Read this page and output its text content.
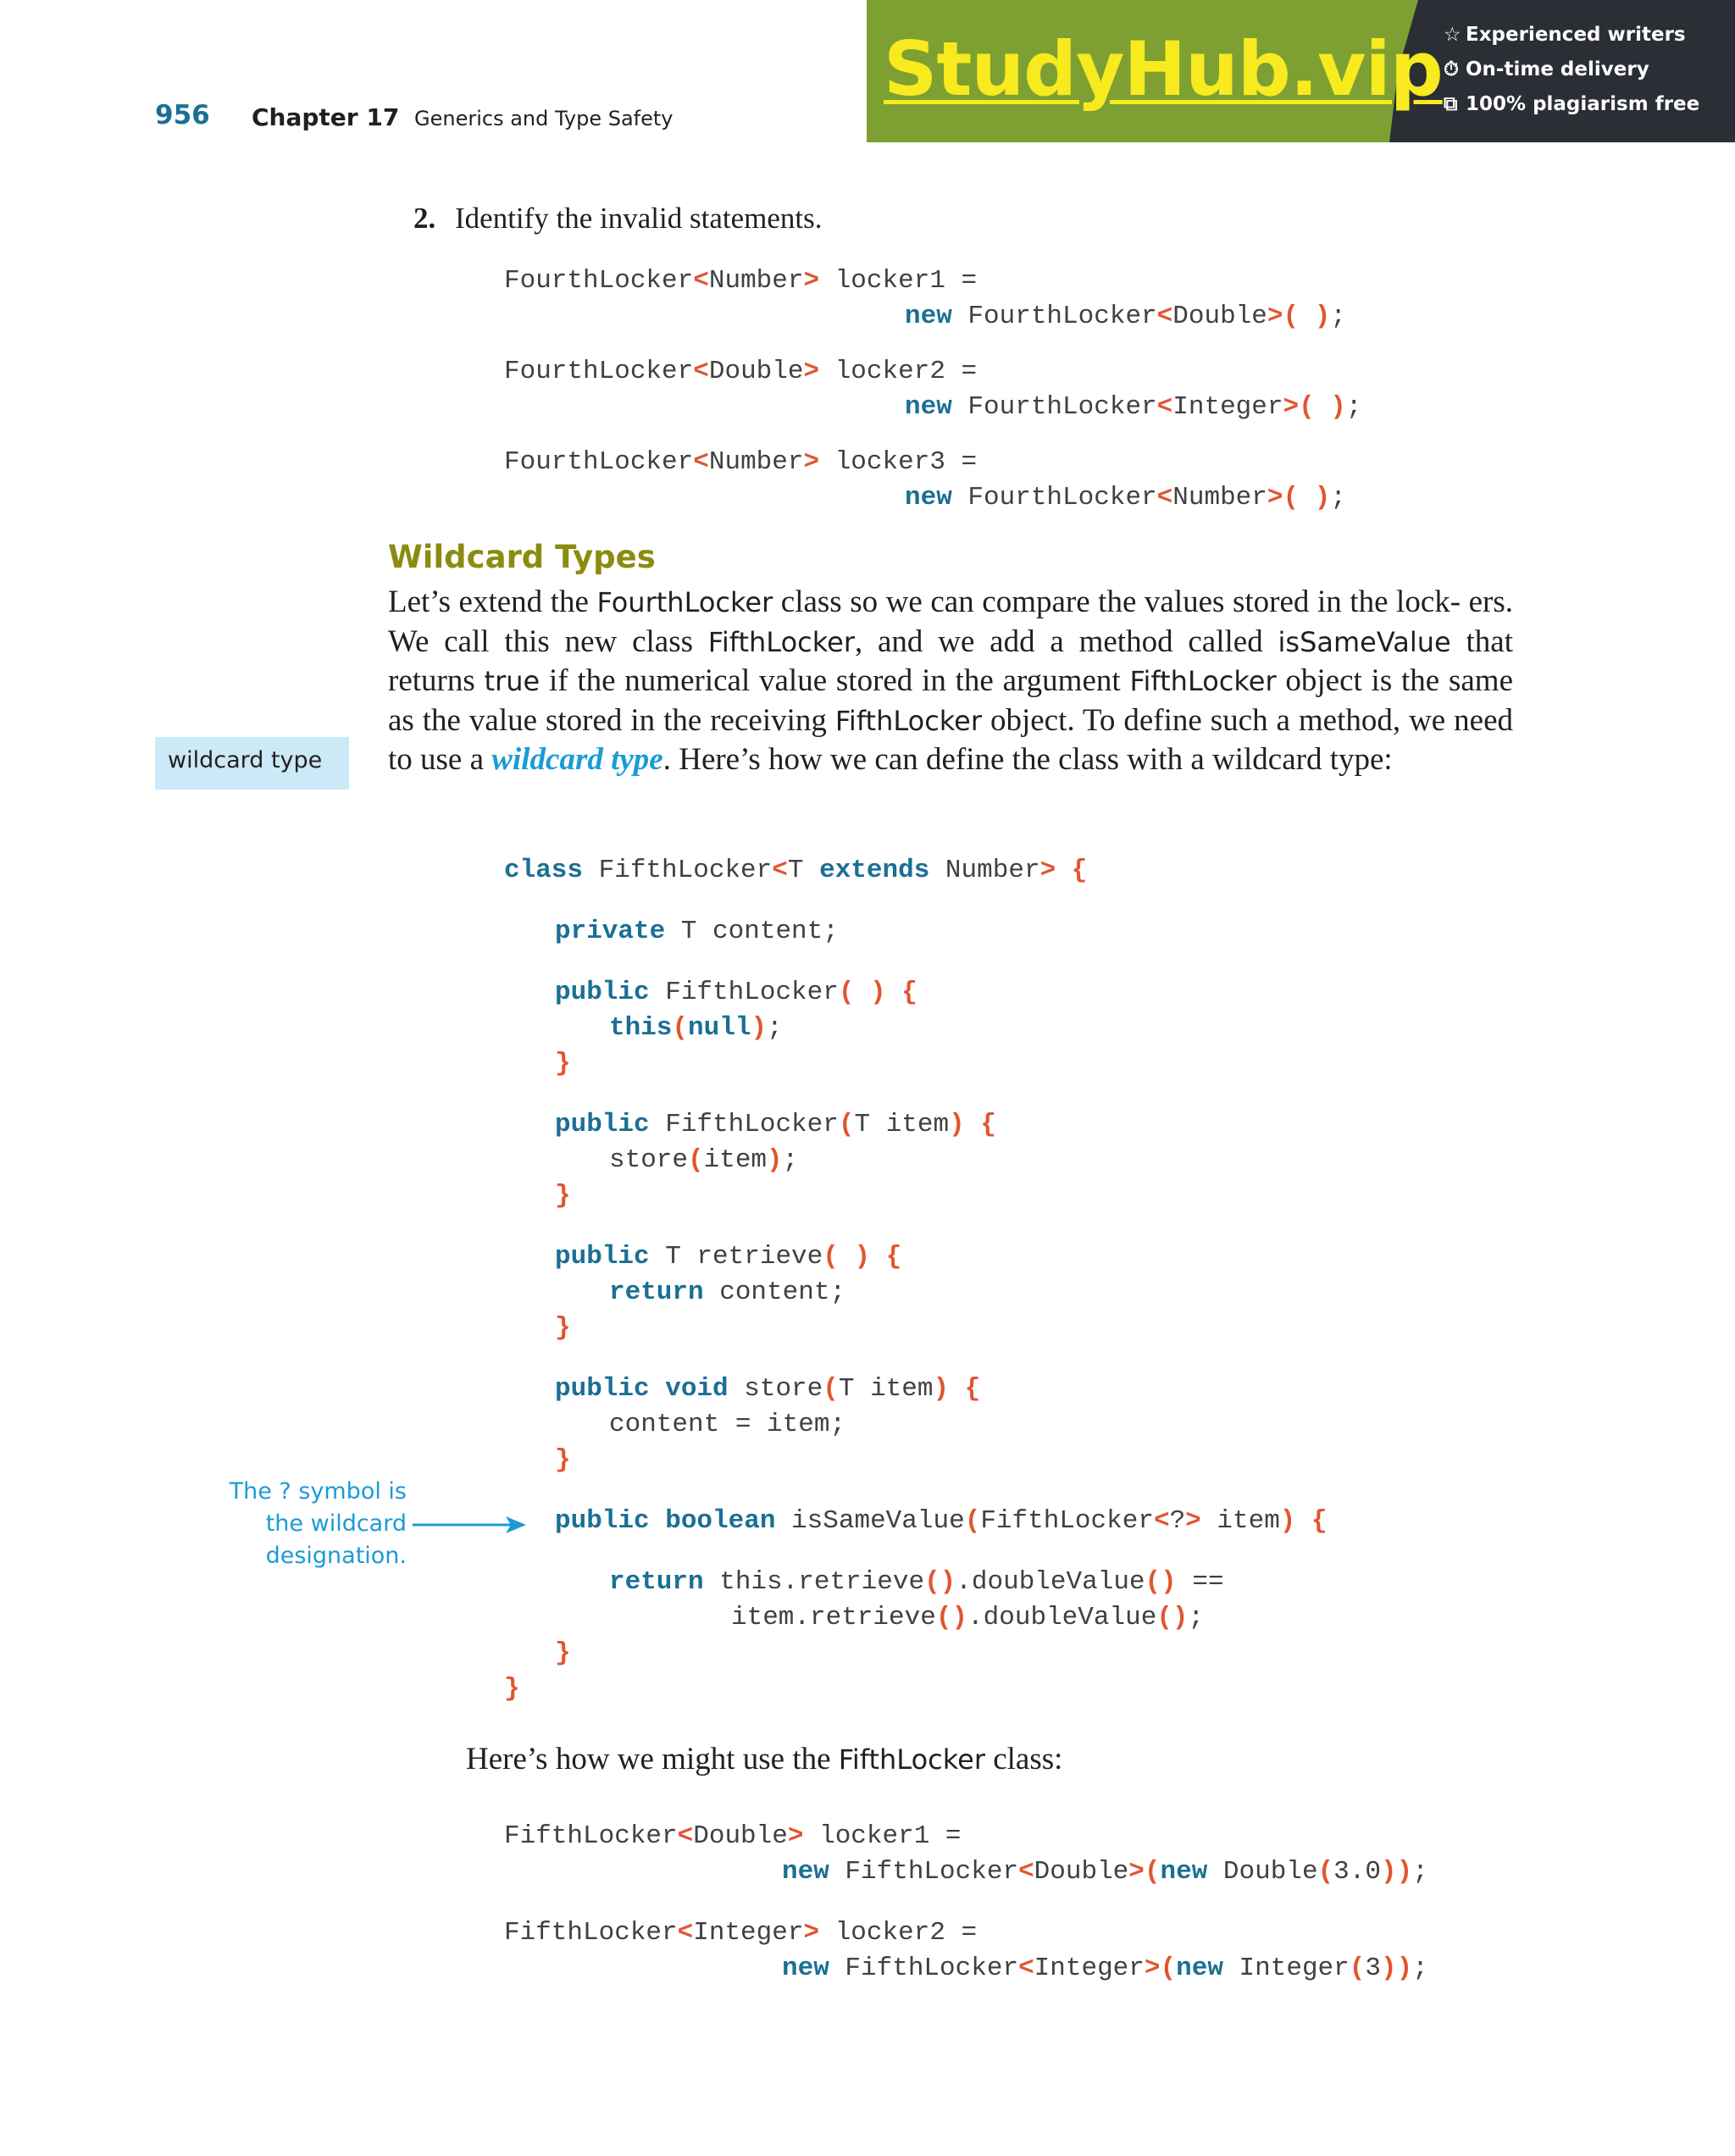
956 Chapter 17 Generics and Type Safety
StudyHub.vip ☆ Experienced writers
⏱ On-time delivery
⧉ 100% plagiarism free
2. Identify the invalid statements.
FourthLocker<Number> locker1 =
new FourthLocker<Double>( );
FourthLocker<Double> locker2 =
new FourthLocker<Integer>( );
FourthLocker<Number> locker3 =
new FourthLocker<Number>( );
Wildcard Types
Let’s extend the FourthLocker class so we can compare the values stored in the lock- ers. We call this new class FifthLocker, and we add a method called isSameValue that returns true if the numerical value stored in the argument FifthLocker object is the same as the value stored in the receiving FifthLocker object. To define such a method, we need to use a wildcard type. Here’s how we can define the class with a wildcard type:
wildcard type
class FifthLocker<T extends Number> {
private T content;
public FifthLocker( ) {
this(null);
}
public FifthLocker(T item) {
store(item);
}
public T retrieve( ) {
return content;
}
public void store(T item) {
content = item;
}
public boolean isSameValue(FifthLocker<?> item) {
return this.retrieve().doubleValue() ==
item.retrieve().doubleValue();
}
}
The ? symbol is the wildcard designation.
Here’s how we might use the FifthLocker class:
FifthLocker<Double> locker1 =
new FifthLocker<Double>(new Double(3.0));
FifthLocker<Integer> locker2 =
new FifthLocker<Integer>(new Integer(3));
